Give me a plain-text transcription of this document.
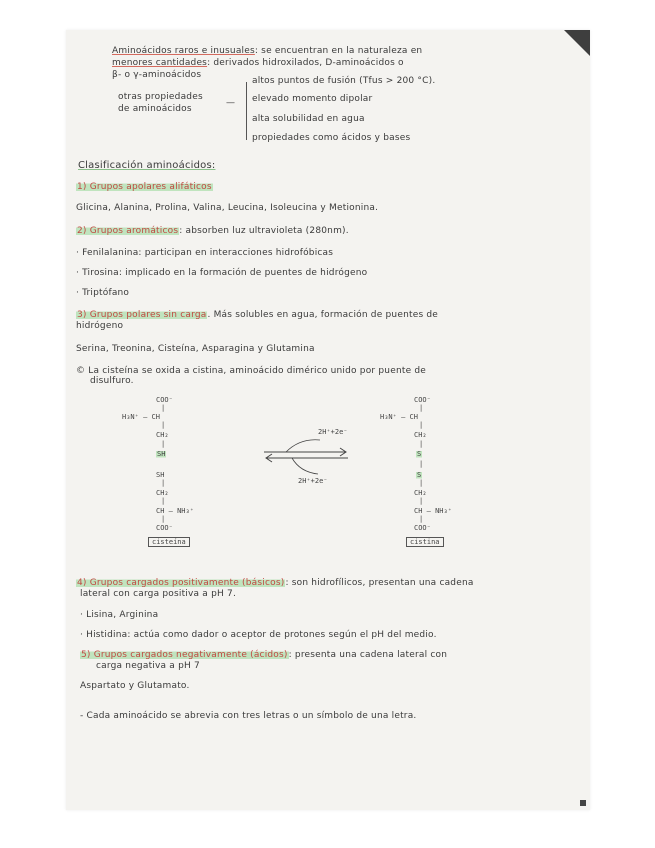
Aminoácidos raros e inusuales: se encuentran en la naturaleza en
menores cantidades: derivados hidroxilados, D-aminoácidos o
β- o γ-aminoácidos
otras propiedades
de aminoácidos
—
altos puntos de fusión (Tfus > 200 °C).
elevado momento dipolar
alta solubilidad en agua
propiedades como ácidos y bases
Clasificación aminoácidos:
1) Grupos apolares alifáticos
Glicina, Alanina, Prolina, Valina, Leucina, Isoleucina y Metionina.
2) Grupos aromáticos: absorben luz ultravioleta (280nm).
· Fenilalanina: participan en interacciones hidrofóbicas
· Tirosina: implicado en la formación de puentes de hidrógeno
· Triptófano
3) Grupos polares sin carga. Más solubles en agua, formación de puentes de
hidrógeno
Serina, Treonina, Cisteína, Asparagina y Glutamina
© La cisteína se oxida a cistina, aminoácido dimérico unido por puente de
disulfuro.
COO⁻
|
H₃N⁺ – CH
|
CH₂
|
SH
SH
|
CH₂
|
CH – NH₃⁺
|
COO⁻
cisteína
2H⁺+2e⁻
2H⁺+2e⁻
COO⁻
|
H₃N⁺ – CH
|
CH₂
|
S
|
S
|
CH₂
|
CH – NH₃⁺
|
COO⁻
cistina
4) Grupos cargados positivamente (básicos): son hidrofílicos, presentan una cadena
lateral con carga positiva a pH 7.
· Lisina, Arginina
· Histidina: actúa como dador o aceptor de protones según el pH del medio.
5) Grupos cargados negativamente (ácidos): presenta una cadena lateral con
carga negativa a pH 7
Aspartato y Glutamato.
- Cada aminoácido se abrevia con tres letras o un símbolo de una letra.
